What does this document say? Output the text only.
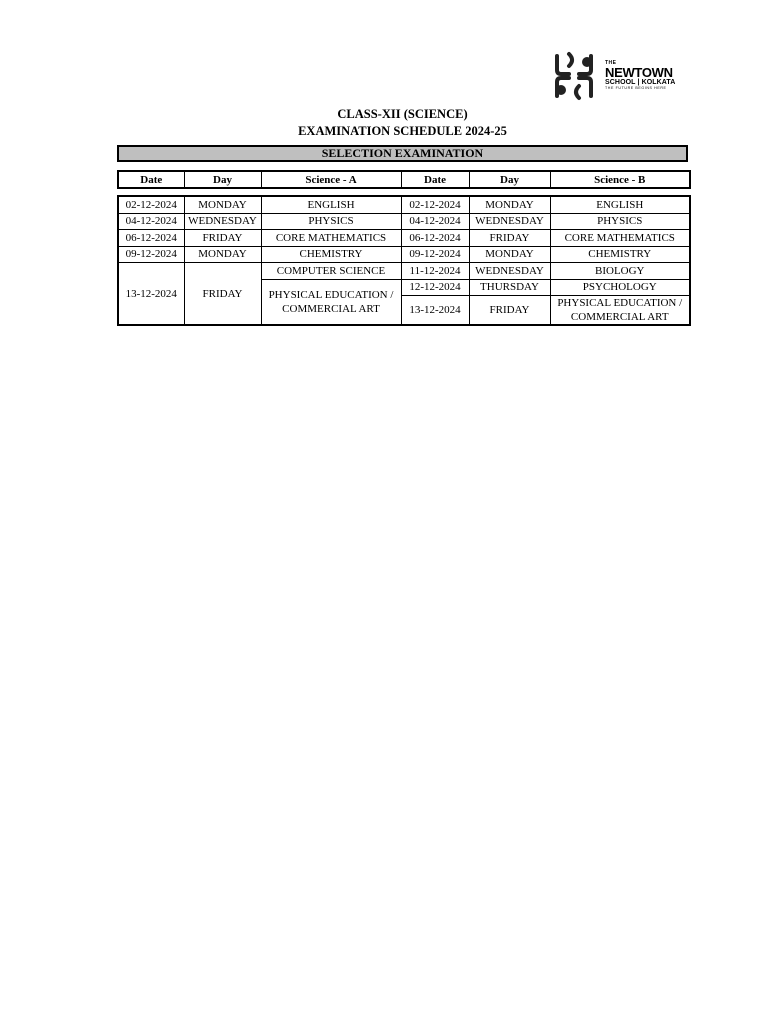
THE
NEWTOWN
SCHOOL | KOLKATA
THE FUTURE BEGINS HERE
CLASS-XII (SCIENCE)
EXAMINATION SCHEDULE 2024-25
SELECTION EXAMINATION
Date	Day	Science - A	Date	Day	Science - B
02-12-2024	MONDAY	ENGLISH	02-12-2024	MONDAY	ENGLISH
04-12-2024	WEDNESDAY	PHYSICS	04-12-2024	WEDNESDAY	PHYSICS
06-12-2024	FRIDAY	CORE MATHEMATICS	06-12-2024	FRIDAY	CORE MATHEMATICS
09-12-2024	MONDAY	CHEMISTRY	09-12-2024	MONDAY	CHEMISTRY
13-12-2024	FRIDAY	COMPUTER SCIENCE	11-12-2024	WEDNESDAY	BIOLOGY
		PHYSICAL EDUCATION / COMMERCIAL ART	12-12-2024	THURSDAY	PSYCHOLOGY
			13-12-2024	FRIDAY	PHYSICAL EDUCATION / COMMERCIAL ART
